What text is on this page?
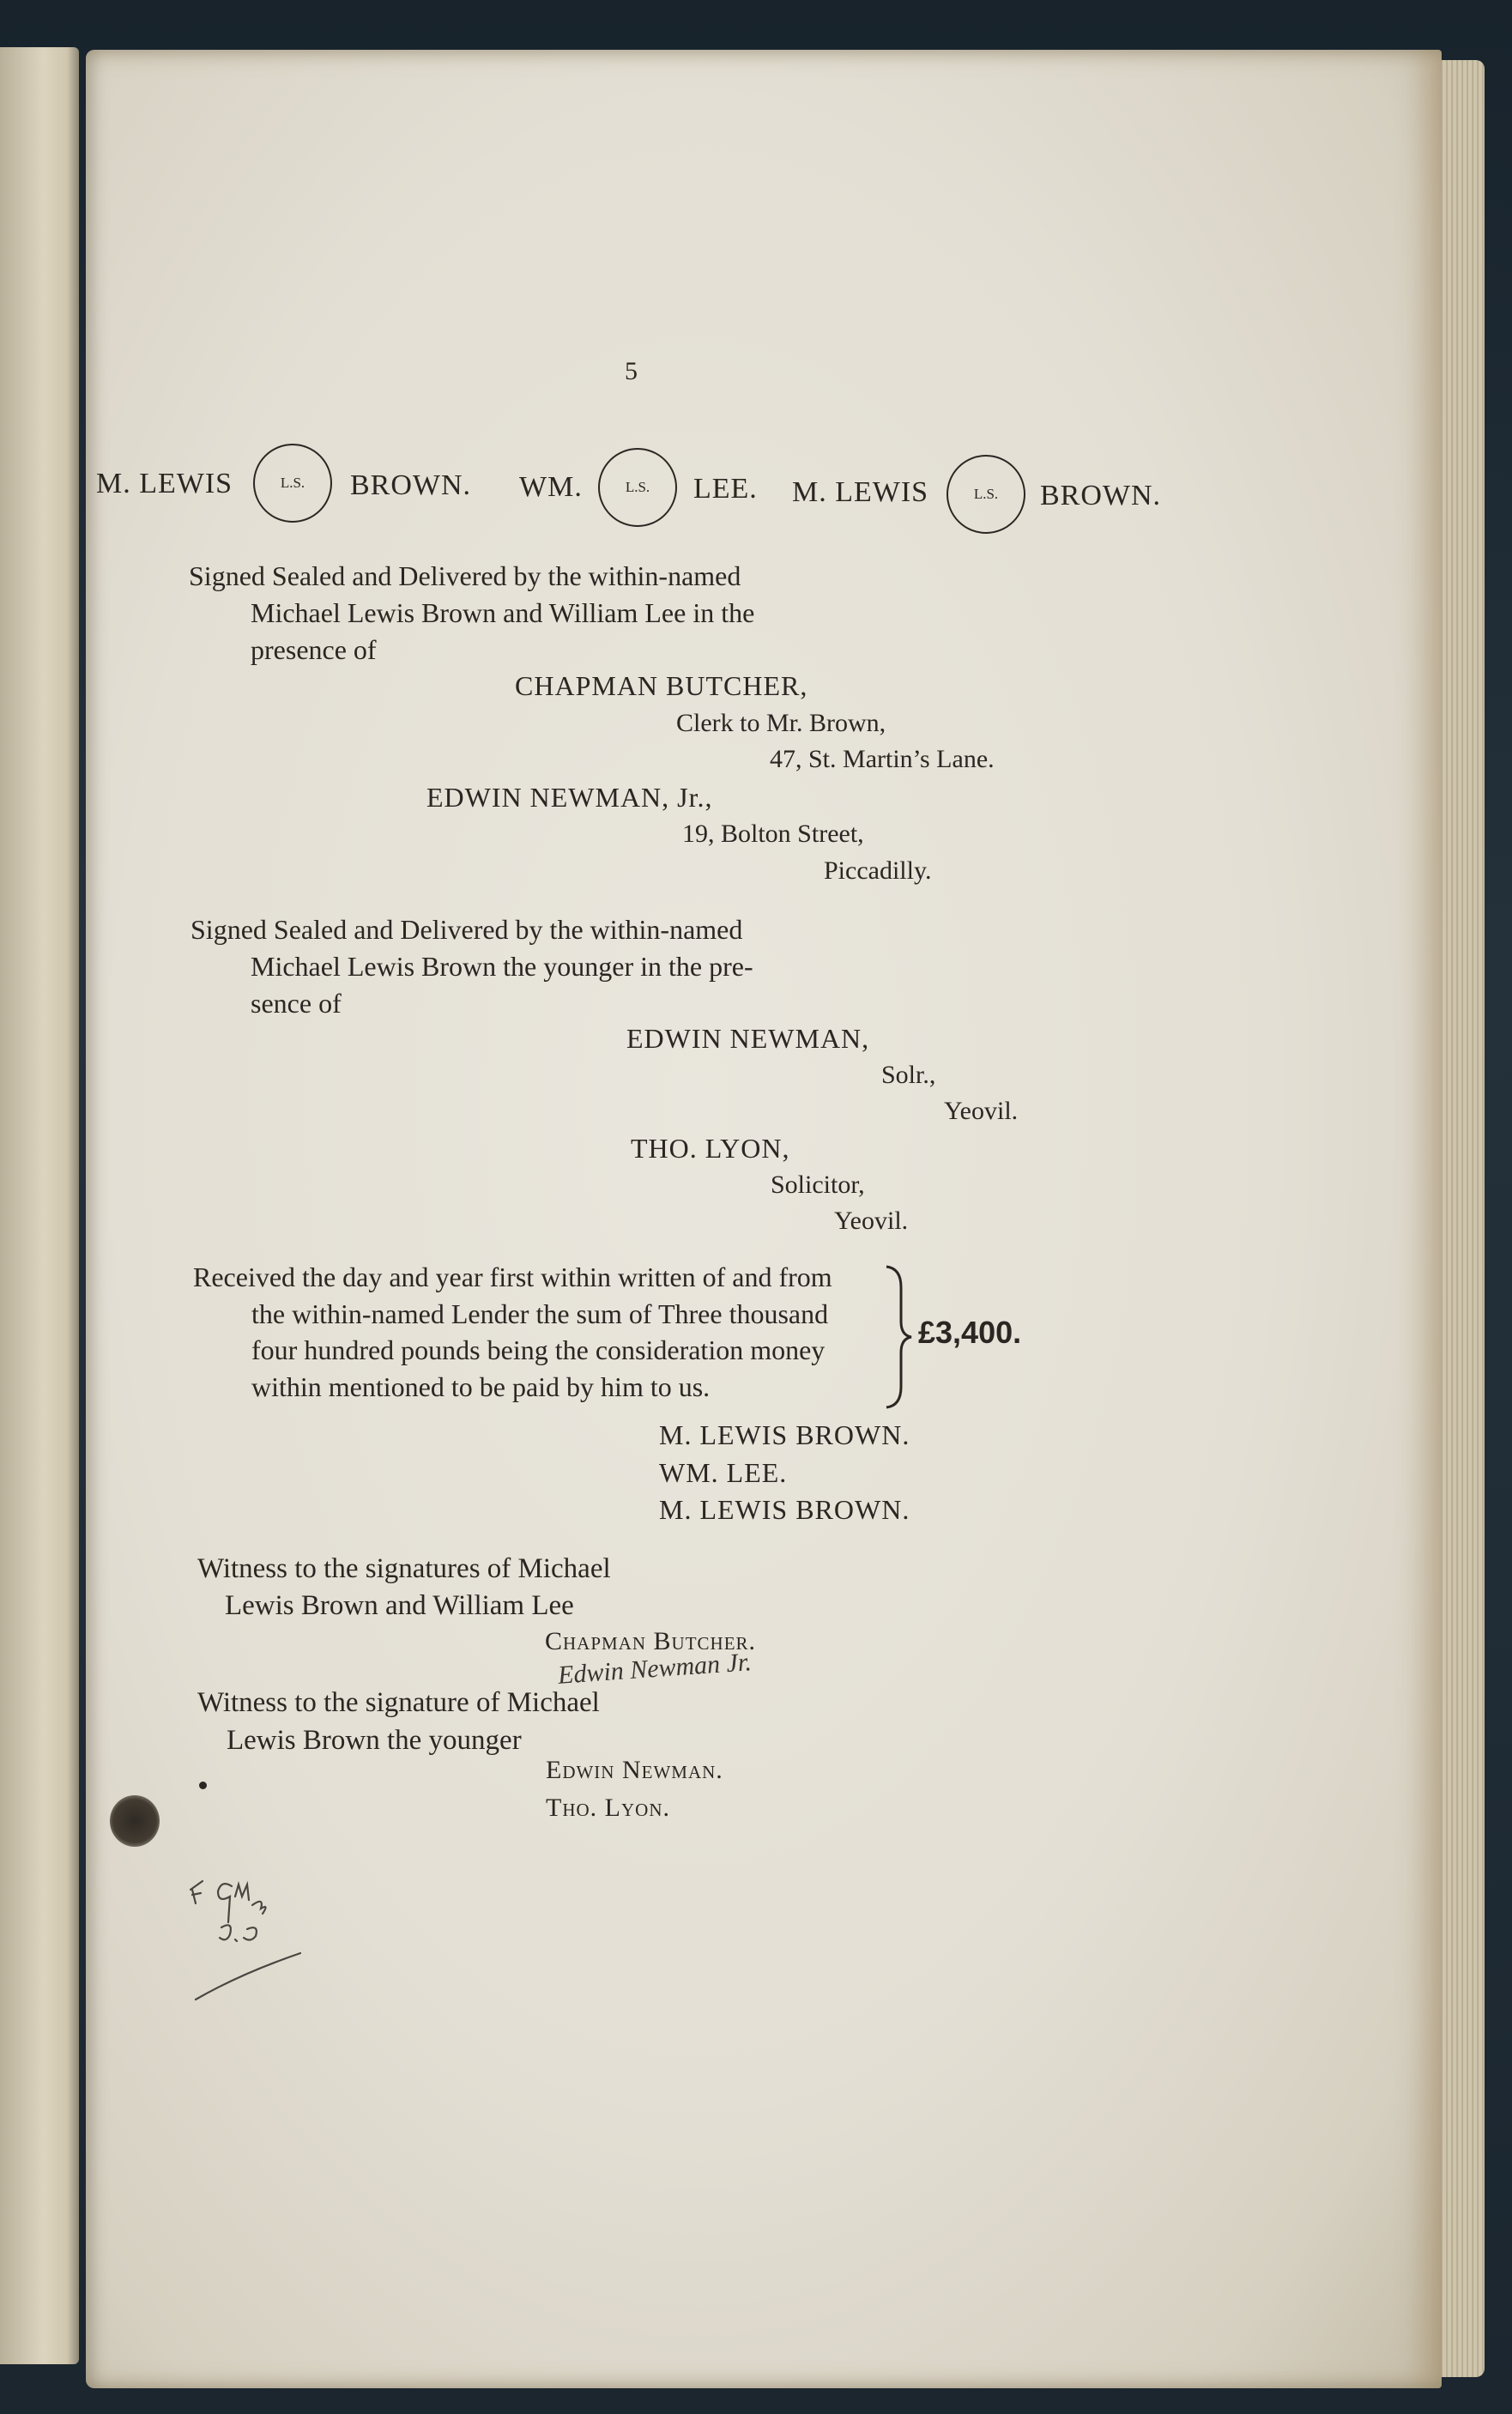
5
M. LEWIS	L.S.	BROWN. WM.	L.S.	LEE. M. LEWIS	L.S.	BROWN.
Signed Sealed and Delivered by the within-named
Michael Lewis Brown and William Lee in the
presence of
CHAPMAN BUTCHER,
Clerk to Mr. Brown,
47, St. Martin’s Lane.
EDWIN NEWMAN, Jr.,
19, Bolton Street,
Piccadilly.
Signed Sealed and Delivered by the within-named
Michael Lewis Brown the younger in the pre-
sence of
EDWIN NEWMAN,
Solr.,
Yeovil.
THO. LYON,
Solicitor,
Yeovil.
Received the day and year first within written of and from
the within-named Lender the sum of Three thousand
four hundred pounds being the consideration money
within mentioned to be paid by him to us.
£3,400.
M. LEWIS BROWN.
WM. LEE.
M. LEWIS BROWN.
Witness to the signatures of Michael
Lewis Brown and William Lee
Chapman Butcher.
Edwin Newman Jr.
Witness to the signature of Michael
Lewis Brown the younger
Edwin Newman.
Tho. Lyon.
F. GMB. G.O.
